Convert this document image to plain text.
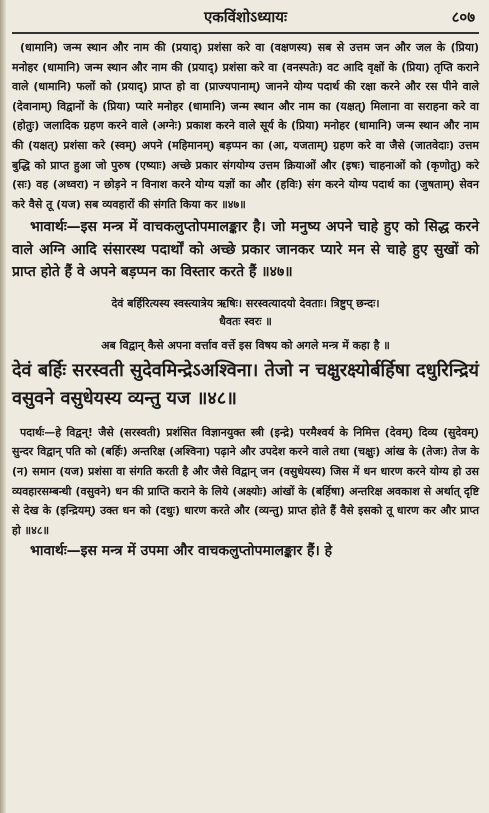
एकविंशोऽध्यायः	८०७

(धामानि) जन्म स्थान और नाम की (प्रयाद्) प्रशंसा करे वा (वक्षणस्य) सब से उत्तम जन और जल के (प्रिया) मनोहर (धामानि) जन्म स्थान और नाम की (प्रयाद्) प्रशंसा करे वा (वनस्पतेः) वट आदि वृक्षों के (प्रिया) तृप्ति कराने वाले (धामानि) फलों को (प्रयाद्) प्राप्त हो वा (प्राज्यपानाम्) जानने योग्य पदार्थ की रक्षा करने और रस पीने वाले (देवानाम्) विद्वानों के (प्रिया) प्यारे मनोहर (धामानि) जन्म स्थान और नाम का (यक्षत्) मिलाना वा सराहना करे वा (होतुः) जलादिक ग्रहण करने वाले (अग्नेः) प्रकाश करने वाले सूर्य के (प्रिया) मनोहर (धामानि) जन्म स्थान और नाम की (यक्षत्) प्रशंसा करे (स्वम्) अपने (महिमानम्) बड़प्पन का (आ, यजताम्) ग्रहण करे वा जैसे (जातवेदाः) उत्तम बुद्धि को प्राप्त हुआ जो पुरुष (एष्याः) अच्छे प्रकार संगयोग्य उत्तम क्रियाओं और (इषः) चाहनाओं को (कृणोतु) करे (सः) वह (अध्वरा) न छोड़ने न विनाश करने योग्य यज्ञों का और (हविः) संग करने योग्य पदार्थ का (जुषताम्) सेवन करे वैसे तू (यज) सब व्यवहारों की संगति किया कर ॥४७॥

भावार्थः—इस मन्त्र में वाचकलुप्तोपमालङ्कार है। जो मनुष्य अपने चाहे हुए को सिद्ध करने वाले अग्नि आदि संसारस्थ पदार्थों को अच्छे प्रकार जानकर प्यारे मन से चाहे हुए सुखों को प्राप्त होते हैं वे अपने बड़प्पन का विस्तार करते हैं ॥४७॥

देवं बर्हिरित्यस्य स्वस्त्यात्रेय ऋषिः। सरस्वत्यादयो देवताः। त्रिष्टुप् छन्दः।

धैवतः स्वरः ॥

अब विद्वान् कैसे अपना वर्त्ताव वर्त्ते इस विषय को अगले मन्त्र में कहा है ॥

देवं बर्हिः सरस्वती सुदेवमिन्द्रेऽअश्विना। तेजो न चक्षुरक्ष्योर्बर्हिषा दधुरिन्द्रियं वसुवने वसुधेयस्य व्यन्तु यज ॥४८॥

पदार्थः—हे विद्वन्! जैसे (सरस्वती) प्रशंसित विज्ञानयुक्त स्त्री (इन्द्रे) परमैश्वर्य के निमित्त (देवम्) दिव्य (सुदेवम्) सुन्दर विद्वान् पति को (बर्हिः) अन्तरिक्ष (अश्विना) पढ़ाने और उपदेश करने वाले तथा (चक्षुः) आंख के (तेजः) तेज के (न) समान (यज) प्रशंसा वा संगति करती है और जैसे विद्वान् जन (वसुधेयस्य) जिस में धन धारण करने योग्य हो उस व्यवहारसम्बन्धी (वसुवने) धन की प्राप्ति कराने के लिये (अक्ष्योः) आंखों के (बर्हिषा) अन्तरिक्ष अवकाश से अर्थात् दृष्टि से देख के (इन्द्रियम्) उक्त धन को (दधुः) धारण करते और (व्यन्तु) प्राप्त होते हैं वैसे इसको तू धारण कर और प्राप्त हो ॥४८॥

भावार्थः—इस मन्त्र में उपमा और वाचकलुप्तोपमालङ्कार हैं। हे
